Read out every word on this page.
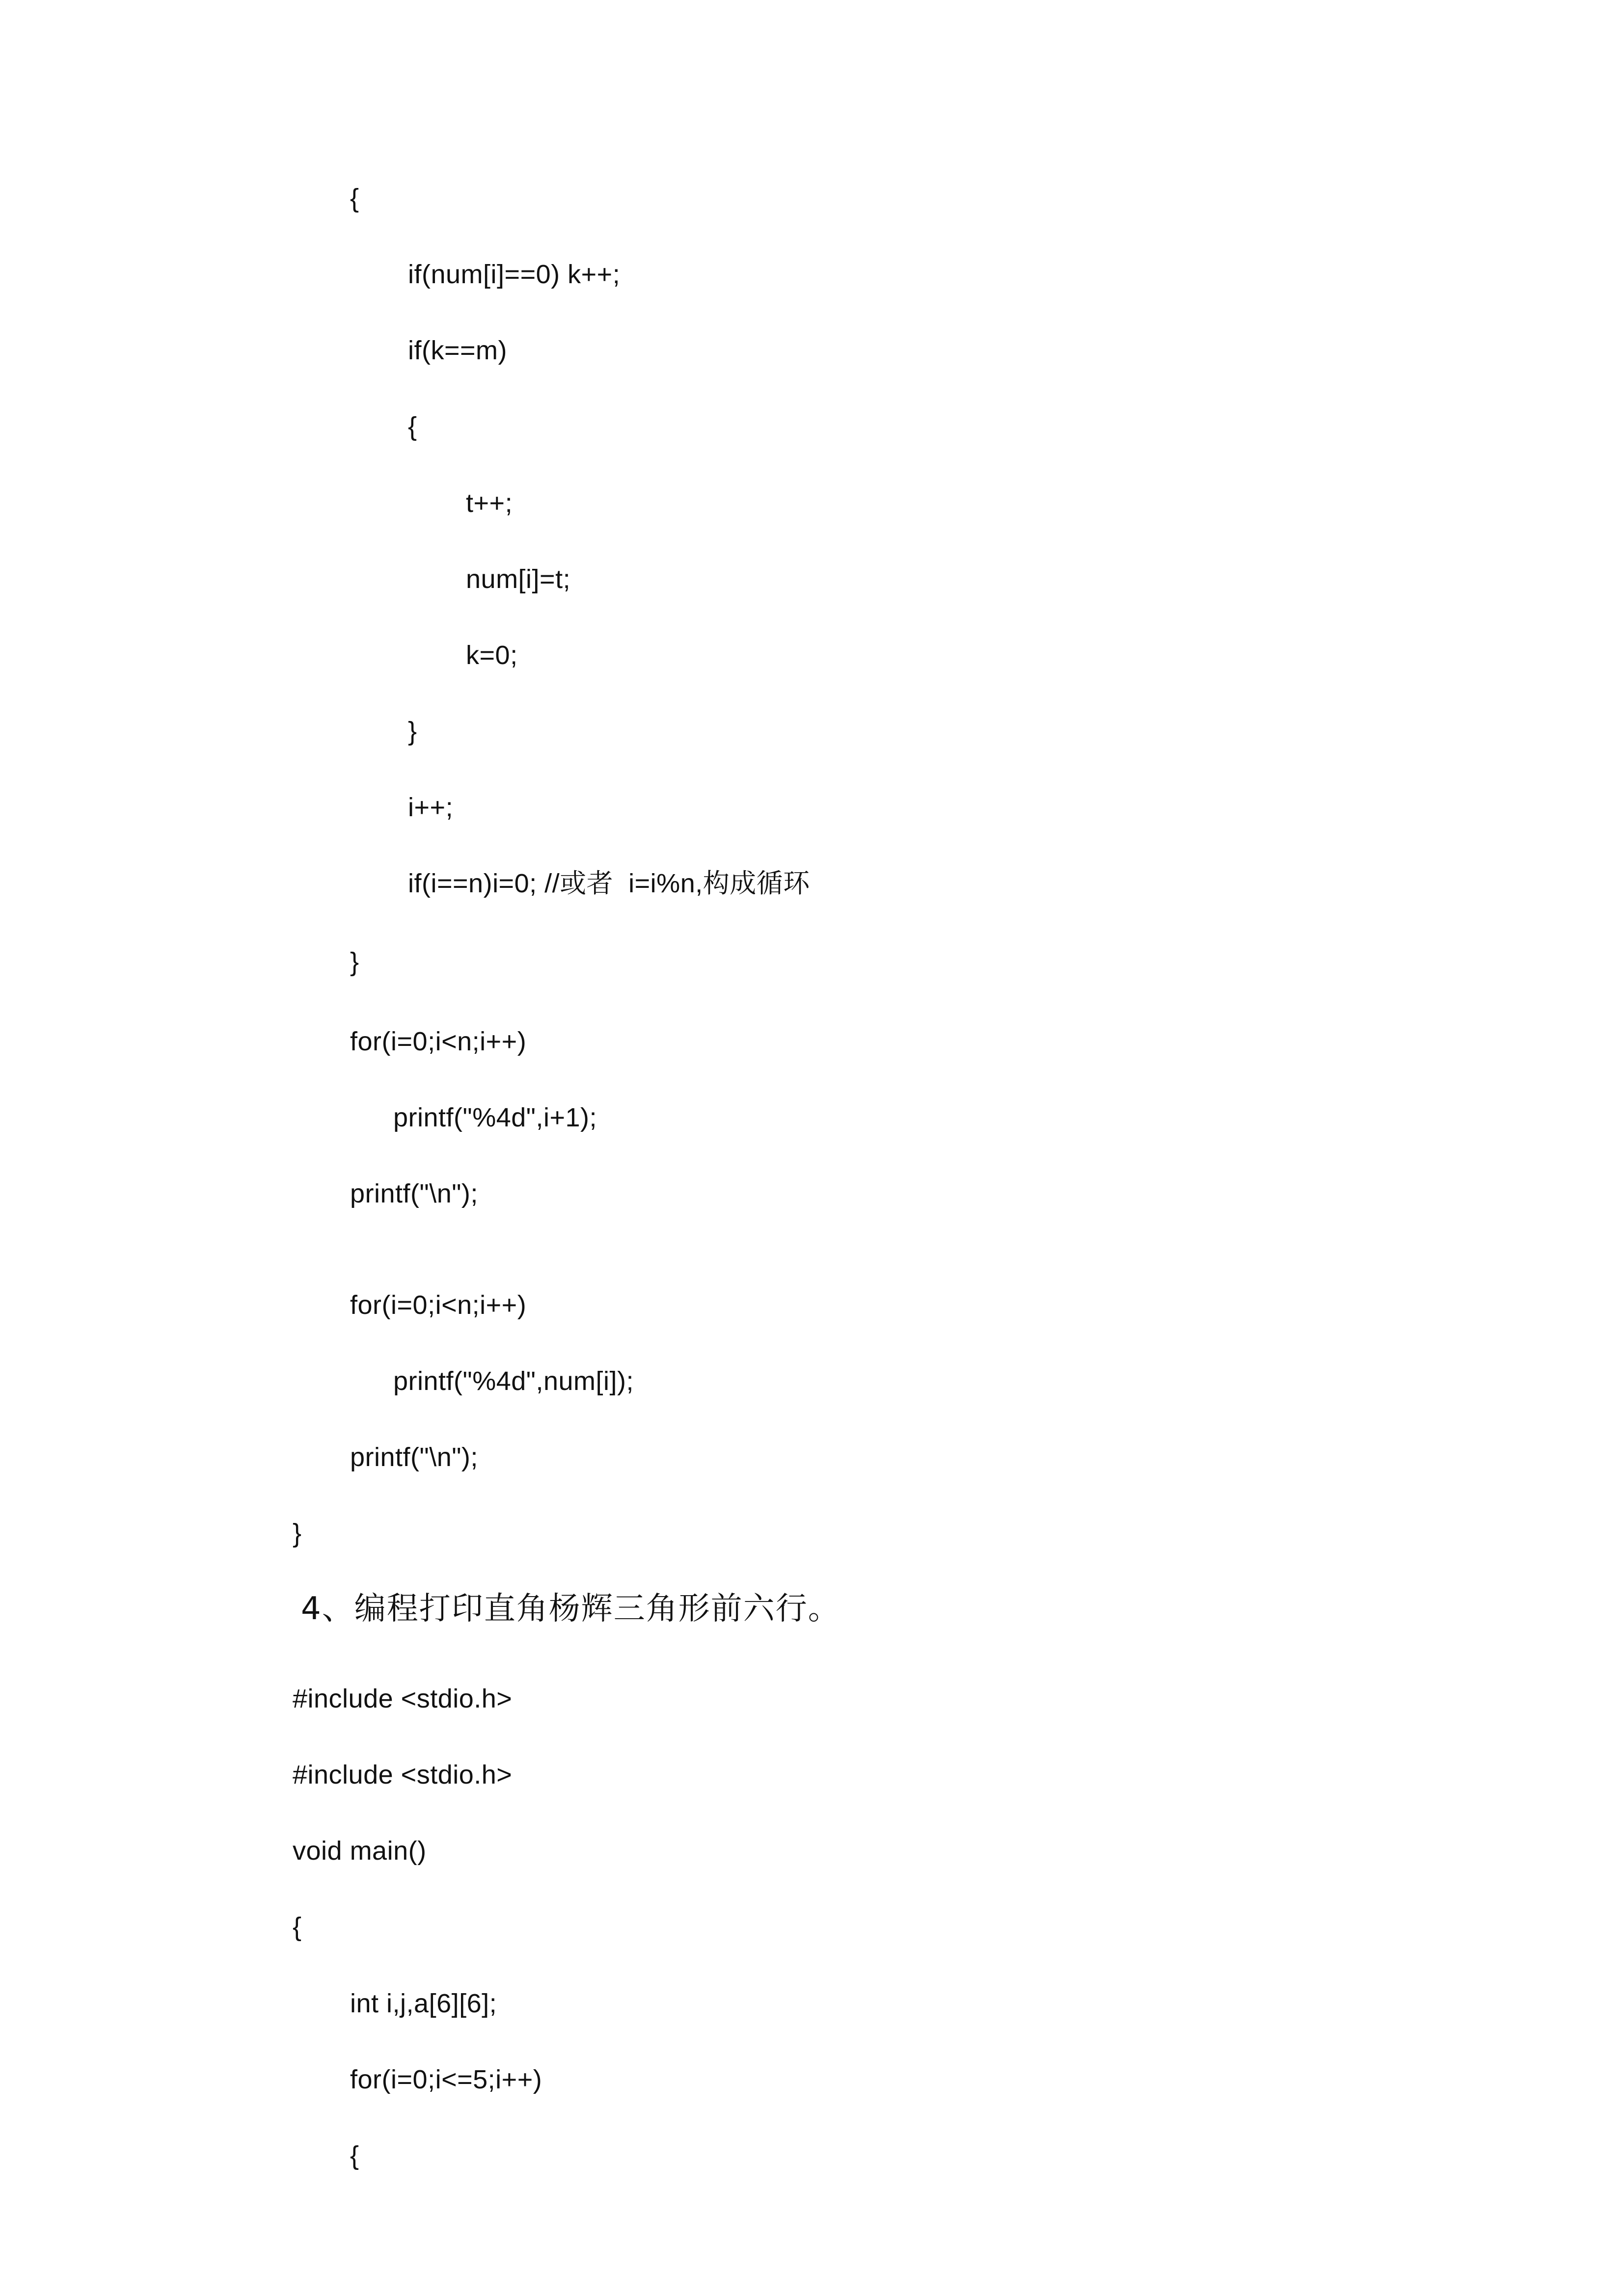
{
if(num[i]==0) k++;
if(k==m)
{
t++;
num[i]=t;
k=0;
}
i++;
if(i==n)i=0; //或者  i=i%n,构成循环
}
for(i=0;i<n;i++)
printf("%4d",i+1);
printf("\n");
for(i=0;i<n;i++)
printf("%4d",num[i]);
printf("\n");
}
4、编程打印直角杨辉三角形前六行。
#include <stdio.h>
#include <stdio.h>
void main()
{
int i,j,a[6][6];
for(i=0;i<=5;i++)
{
